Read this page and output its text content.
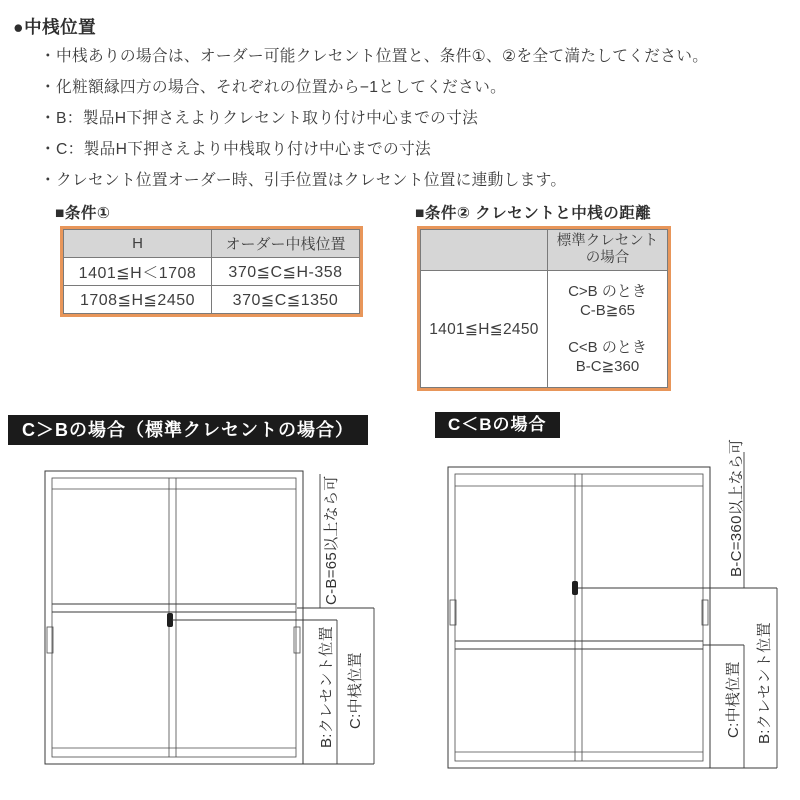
●中桟位置
・中桟ありの場合は、オーダー可能クレセント位置と、条件①、②を全て満たしてください。
・化粧額縁四方の場合、それぞれの位置から−1としてください。
・B：製品H下押さえよりクレセント取り付け中心までの寸法
・C：製品H下押さえより中桟取り付け中心までの寸法
・クレセント位置オーダー時、引手位置はクレセント位置に連動します。
■条件①	■条件② クレセントと中桟の距離
H	オーダー中桟位置
1401≦H＜1708	370≦C≦H-358
1708≦H≦2450	370≦C≦1350
	標準クレセント
の場合
1401≦H≦2450	C>B のとき
C-B≧65
C<B のとき
B-C≧360
C＞Bの場合（標準クレセントの場合）	C＜Bの場合
C-B=65以上なら可
B:クレセント位置 C:中桟位置
B-C=360以上なら可
B:クレセント位置
C:中桟位置
